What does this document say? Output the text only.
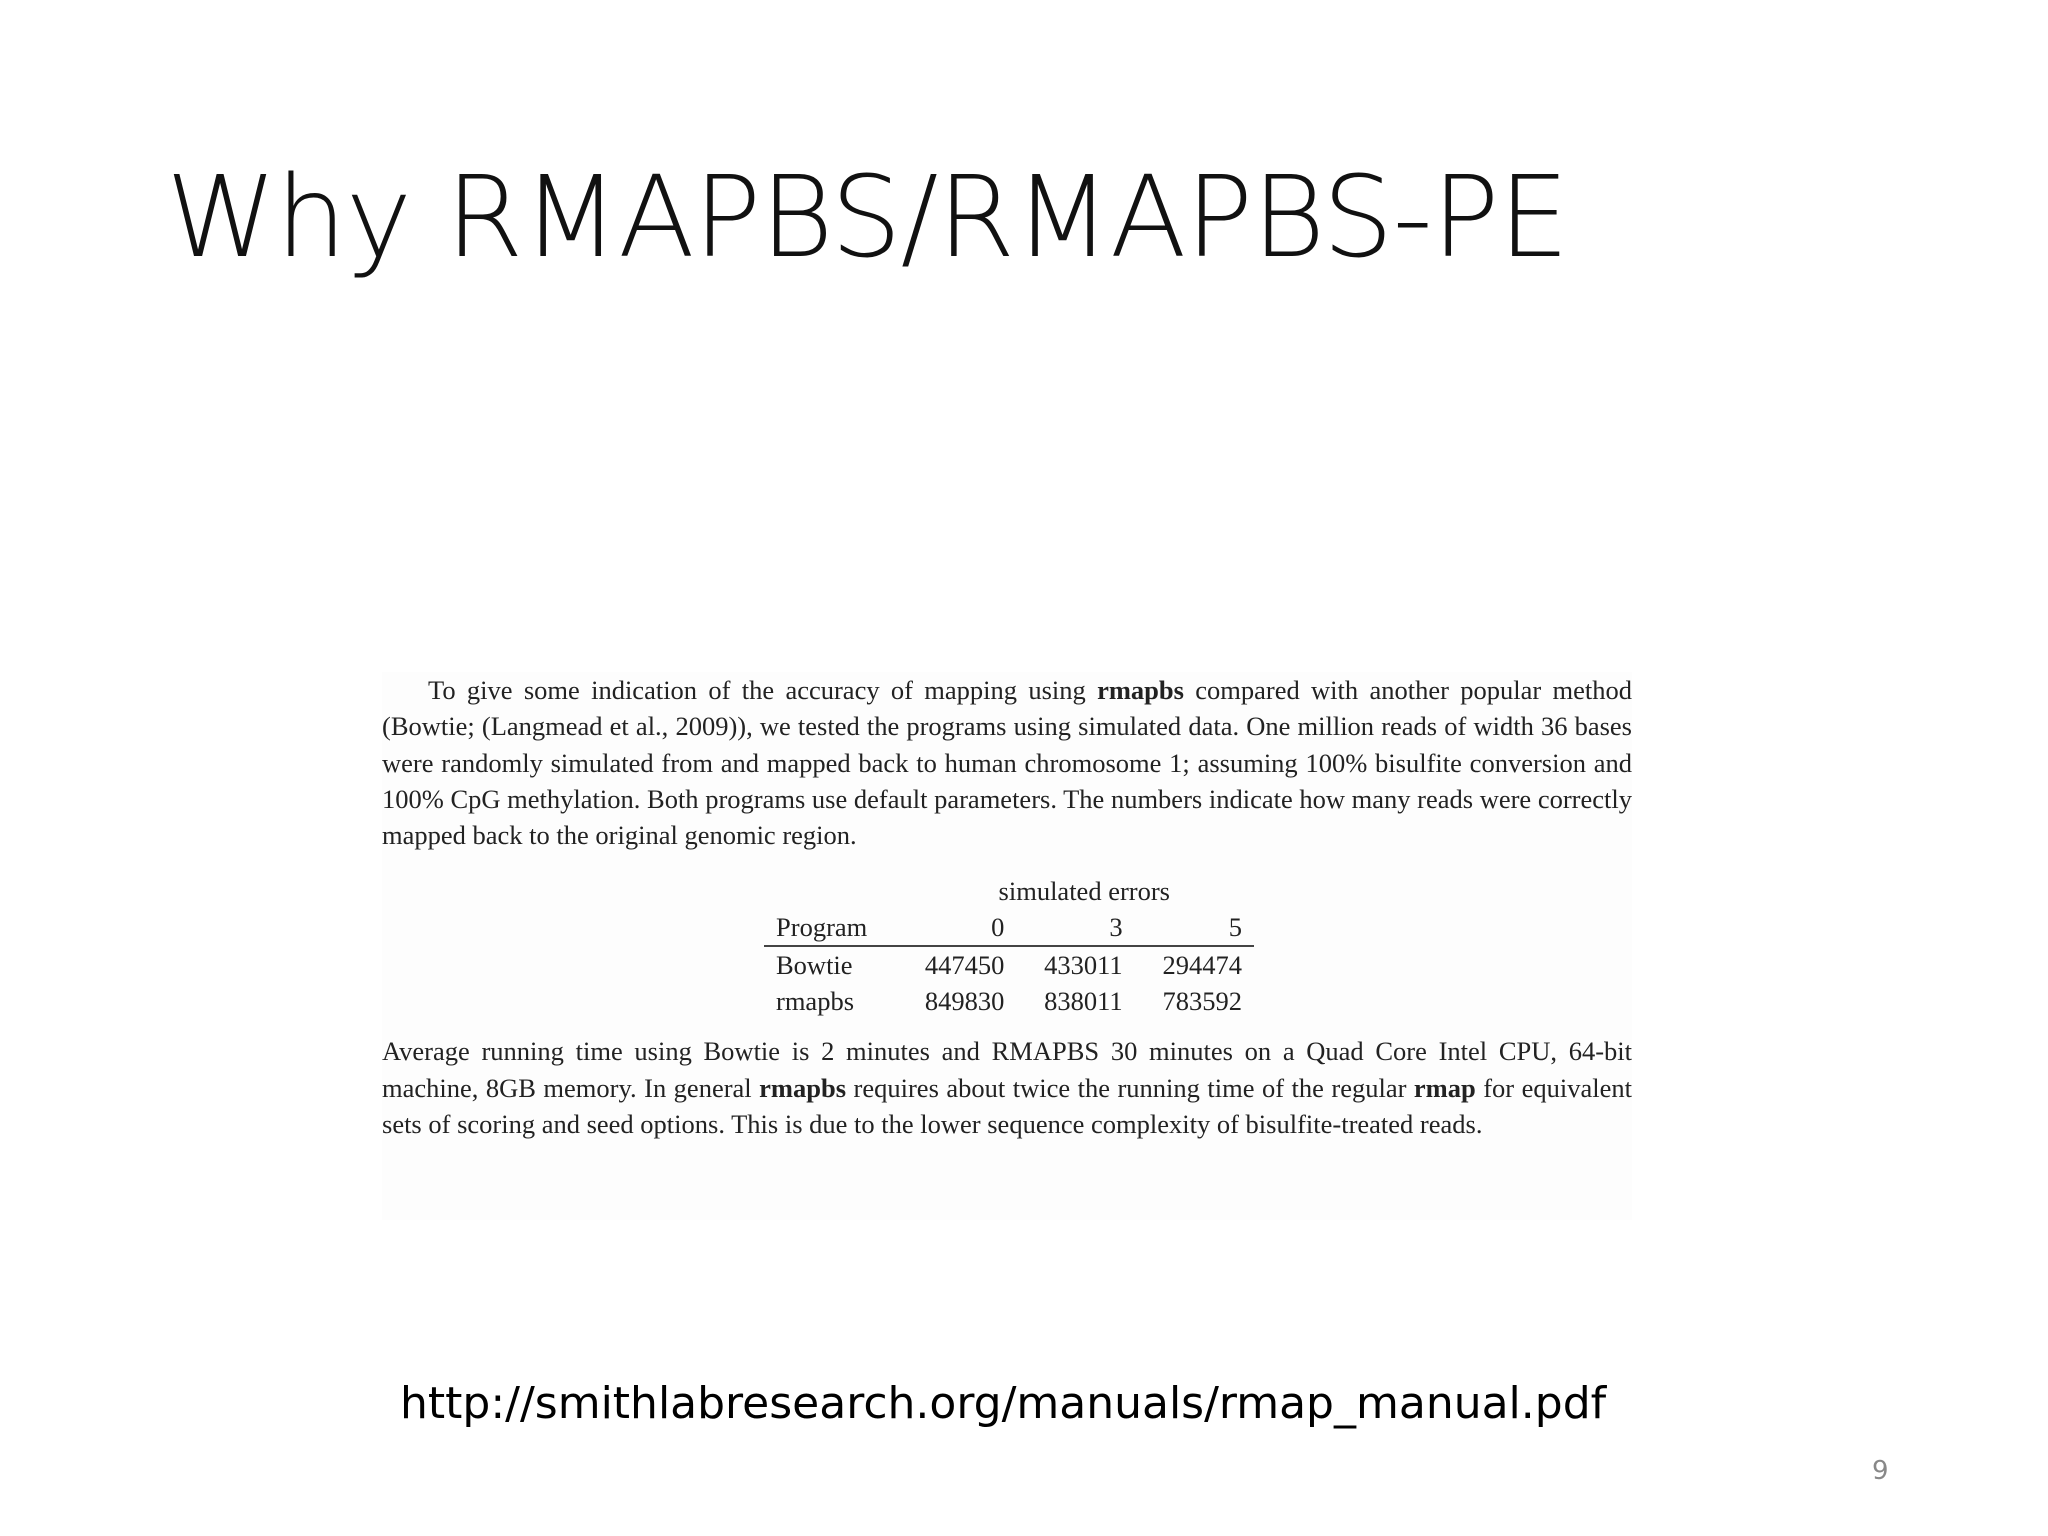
Why RMAPBS/RMAPBS-PE

To give some indication of the accuracy of mapping using rmapbs compared with another popular method (Bowtie; (Langmead et al., 2009)), we tested the programs using simulated data. One million reads of width 36 bases were randomly simulated from and mapped back to human chromosome 1; assuming 100% bisulfite conversion and 100% CpG methylation. Both programs use default parameters. The numbers indicate how many reads were correctly mapped back to the original genomic region.

simulated errors
Program	0	3	5
Bowtie	447450	433011	294474
rmapbs	849830	838011	783592

Average running time using Bowtie is 2 minutes and RMAPBS 30 minutes on a Quad Core Intel CPU, 64-bit machine, 8GB memory. In general rmapbs requires about twice the running time of the regular rmap for equivalent sets of scoring and seed options. This is due to the lower sequence complexity of bisulfite-treated reads.

http://smithlabresearch.org/manuals/rmap_manual.pdf
9
